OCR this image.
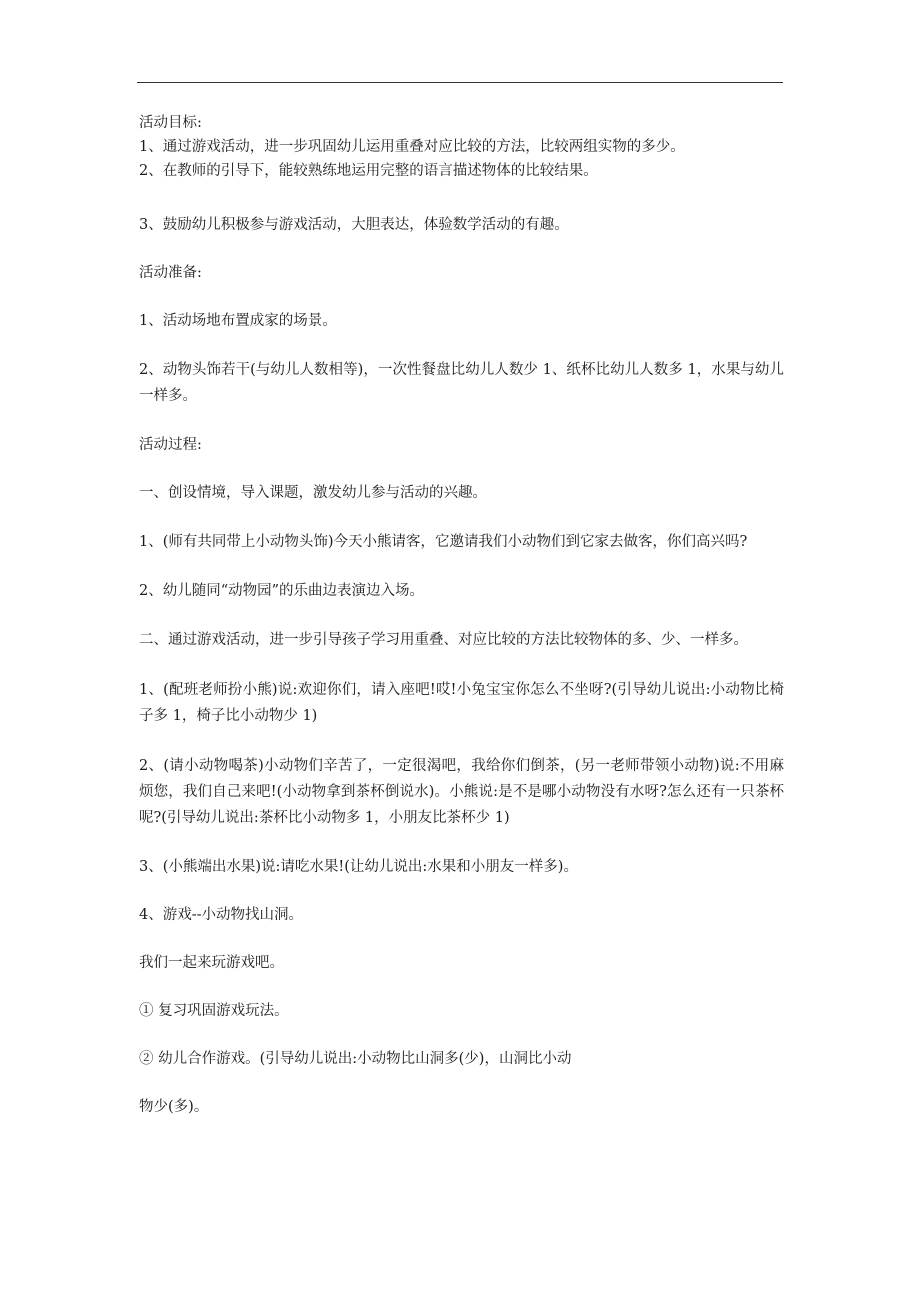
活动目标:

1、通过游戏活动，进一步巩固幼儿运用重叠对应比较的方法，比较两组实物的多少。

2、在教师的引导下，能较熟练地运用完整的语言描述物体的比较结果。

3、鼓励幼儿积极参与游戏活动，大胆表达，体验数学活动的有趣。

活动准备:

1、活动场地布置成家的场景。

2、动物头饰若干(与幼儿人数相等)，一次性餐盘比幼儿人数少 1、纸杯比幼儿人数多 1，水果与幼儿一样多。

活动过程:

一、创设情境，导入课题，激发幼儿参与活动的兴趣。

1、(师有共同带上小动物头饰)今天小熊请客，它邀请我们小动物们到它家去做客，你们高兴吗?

2、幼儿随同“动物园”的乐曲边表演边入场。

二、通过游戏活动，进一步引导孩子学习用重叠、对应比较的方法比较物体的多、少、一样多。

1、(配班老师扮小熊)说:欢迎你们，请入座吧!哎!小兔宝宝你怎么不坐呀?(引导幼儿说出:小动物比椅子多 1，椅子比小动物少 1)

2、(请小动物喝茶)小动物们辛苦了，一定很渴吧，我给你们倒茶，(另一老师带领小动物)说:不用麻烦您，我们自己来吧!(小动物拿到茶杯倒说水)。小熊说:是不是哪小动物没有水呀?怎么还有一只茶杯呢?(引导幼儿说出:茶杯比小动物多 1，小朋友比茶杯少 1)

3、(小熊端出水果)说:请吃水果!(让幼儿说出:水果和小朋友一样多)。

4、游戏--小动物找山洞。

我们一起来玩游戏吧。

① 复习巩固游戏玩法。

② 幼儿合作游戏。(引导幼儿说出:小动物比山洞多(少)，山洞比小动

物少(多)。
